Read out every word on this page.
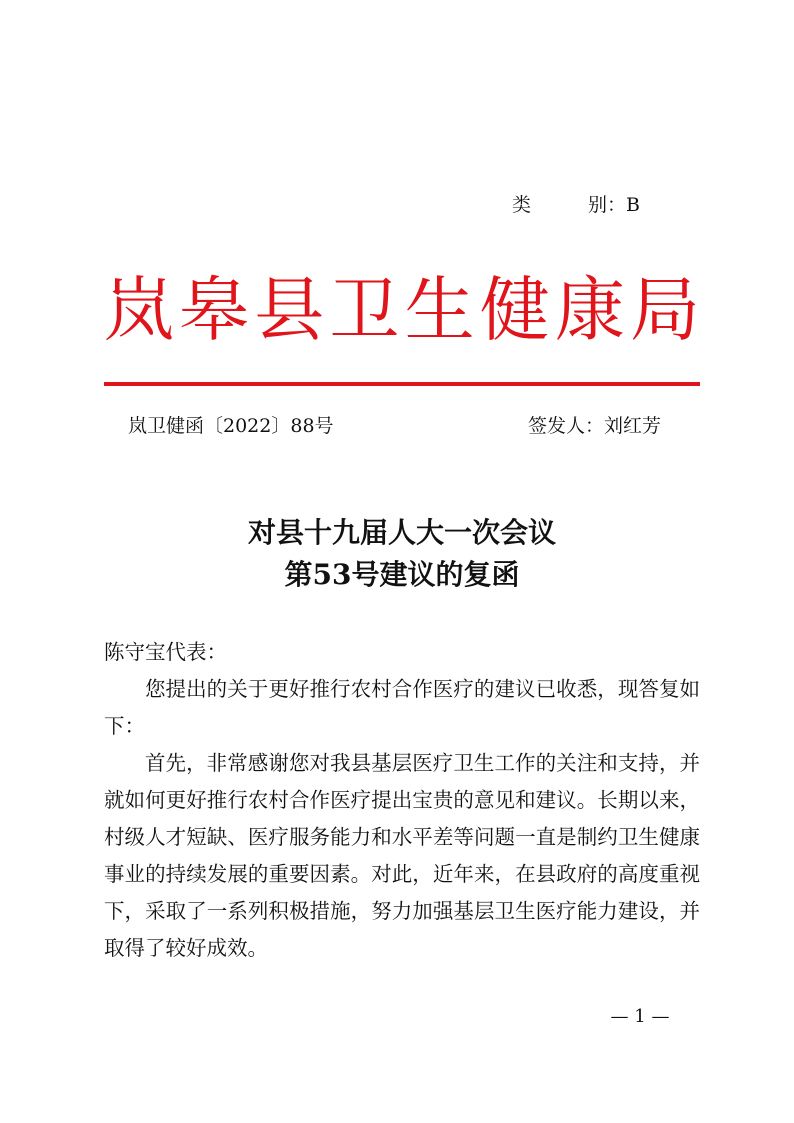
类　　　别：B
岚 皋 县 卫 生 健 康 局
岚卫健函〔2022〕88号	签发人：刘红芳
对县十九届人大一次会议
第53号建议的复函

陈守宝代表：

您提出的关于更好推行农村合作医疗的建议已收悉，现答复如下：

首先，非常感谢您对我县基层医疗卫生工作的关注和支持，并就如何更好推行农村合作医疗提出宝贵的意见和建议。长期以来，村级人才短缺、医疗服务能力和水平差等问题一直是制约卫生健康事业的持续发展的重要因素。对此，近年来，在县政府的高度重视下，采取了一系列积极措施，努力加强基层卫生医疗能力建设，并取得了较好成效。

— 1 —
